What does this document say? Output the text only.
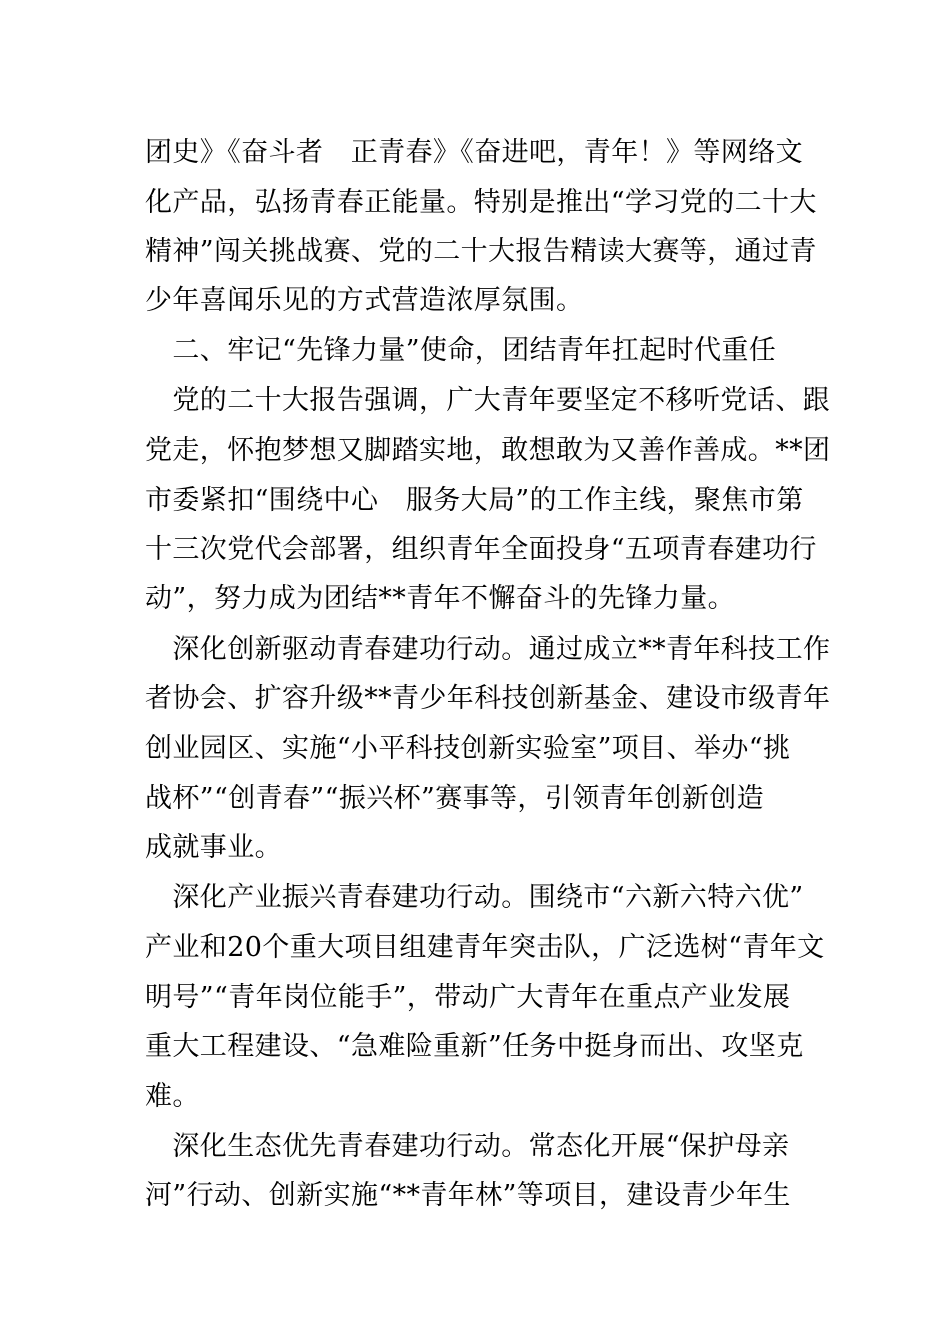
团史》《奋斗者　正青春》《奋进吧，青年！》等网络文
化产品，弘扬青春正能量。特别是推出“学习党的二十大
精神”闯关挑战赛、党的二十大报告精读大赛等，通过青
少年喜闻乐见的方式营造浓厚氛围。
　二、牢记“先锋力量”使命，团结青年扛起时代重任
　党的二十大报告强调，广大青年要坚定不移听党话、跟
党走，怀抱梦想又脚踏实地，敢想敢为又善作善成。**团
市委紧扣“围绕中心　服务大局”的工作主线，聚焦市第
十三次党代会部署，组织青年全面投身“五项青春建功行
动”，努力成为团结**青年不懈奋斗的先锋力量。
　深化创新驱动青春建功行动。通过成立**青年科技工作
者协会、扩容升级**青少年科技创新基金、建设市级青年
创业园区、实施“小平科技创新实验室”项目、举办“挑
战杯”“创青春”“振兴杯”赛事等，引领青年创新创造
成就事业。
　深化产业振兴青春建功行动。围绕市“六新六特六优”
产业和20个重大项目组建青年突击队，广泛选树“青年文
明号”“青年岗位能手”，带动广大青年在重点产业发展
重大工程建设、“急难险重新”任务中挺身而出、攻坚克
难。
　深化生态优先青春建功行动。常态化开展“保护母亲
河”行动、创新实施“**青年林”等项目，建设青少年生
